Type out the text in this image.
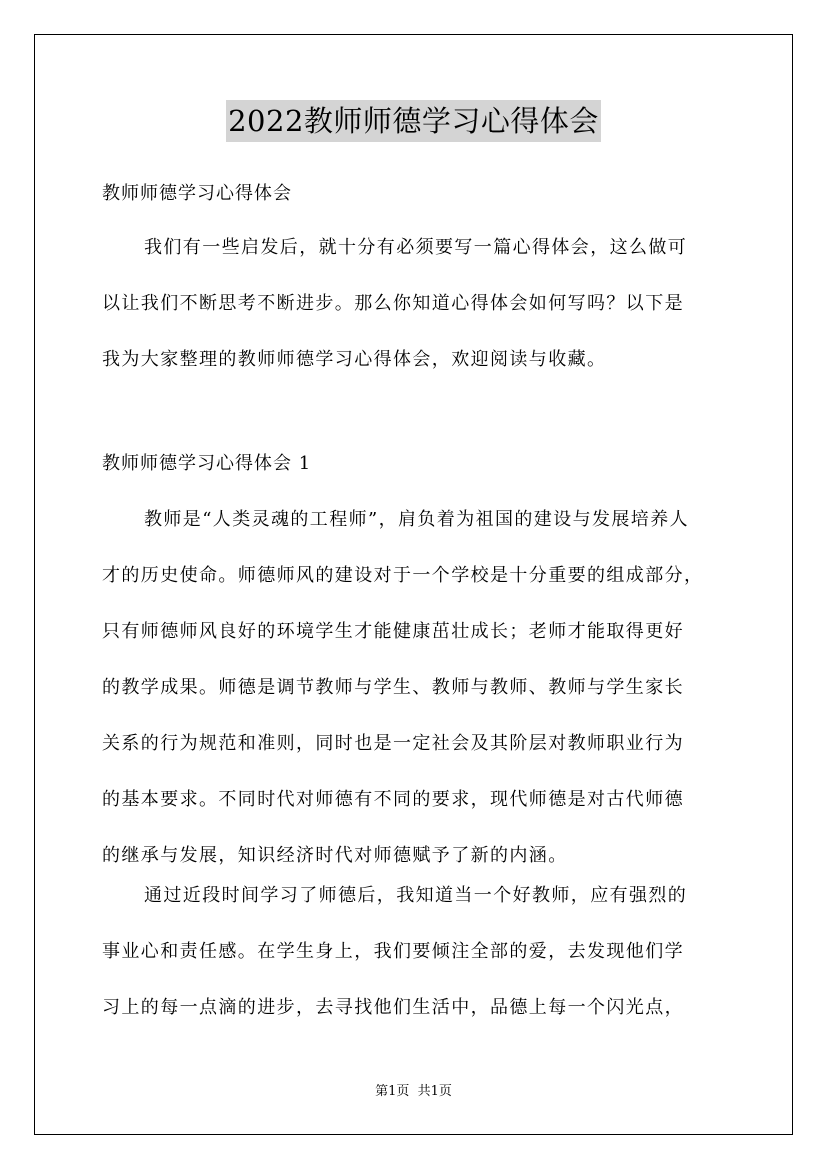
2022教师师德学习心得体会
教师师德学习心得体会
我们有一些启发后，就十分有必须要写一篇心得体会，这么做可
以让我们不断思考不断进步。那么你知道心得体会如何写吗？以下是
我为大家整理的教师师德学习心得体会，欢迎阅读与收藏。
教师师德学习心得体会 1
教师是“人类灵魂的工程师”，肩负着为祖国的建设与发展培养人
才的历史使命。师德师风的建设对于一个学校是十分重要的组成部分，
只有师德师风良好的环境学生才能健康茁壮成长；老师才能取得更好
的教学成果。师德是调节教师与学生、教师与教师、教师与学生家长
关系的行为规范和准则，同时也是一定社会及其阶层对教师职业行为
的基本要求。不同时代对师德有不同的要求，现代师德是对古代师德
的继承与发展，知识经济时代对师德赋予了新的内涵。
通过近段时间学习了师德后，我知道当一个好教师，应有强烈的
事业心和责任感。在学生身上，我们要倾注全部的爱，去发现他们学
习上的每一点滴的进步，去寻找他们生活中，品德上每一个闪光点，
第1页  共1页
